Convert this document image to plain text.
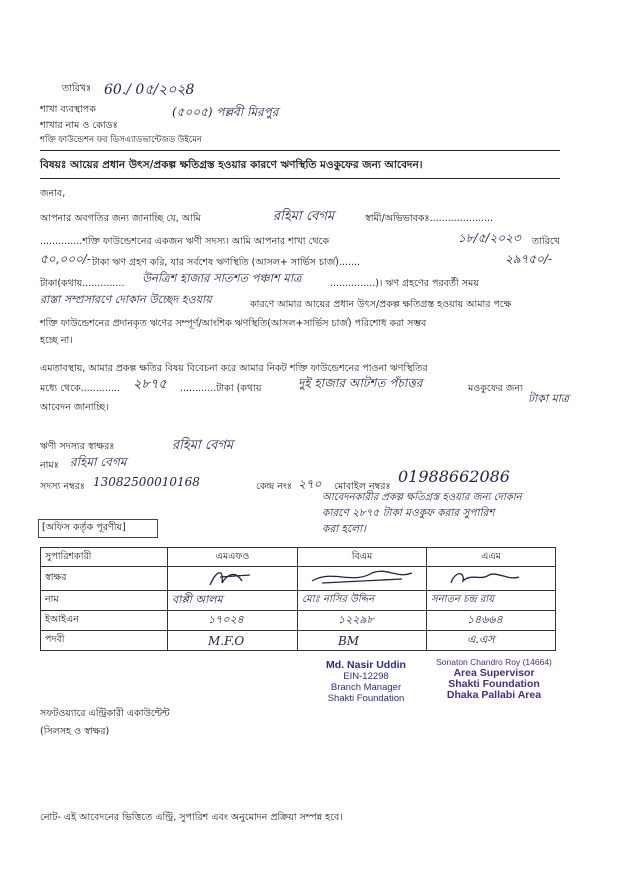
তারিখঃ 60./ 0৫/২০২8
শাখা ব্যবস্থাপক
শাখার নাম ও কোডঃ
(৫০০৫) পল্লবী মিরপুর
শক্তি ফাউন্ডেশন ফর ডিসএ্যাডভান্টেজড উইমেন
বিষয়ঃ আয়ের প্রধান উৎস/প্রকল্প ক্ষতিগ্রস্ত হওয়ার কারণে ঋণস্থিতি মওকুফের জন্য আবেদন।
জনাব,
আপনার অবগতির জন্য জানাচ্ছি যে, আমি	রহিমা বেগম	স্বামী/অভিভাবকঃ.....................
..............শক্তি ফাউন্ডেশনের একজন ঋণী সদস্য। আমি আপনার শাখা থেকে	১৮/৫/২০২৩ তারিখে
৫০,০০০/- টাকা ঋণ গ্রহণ করি, যার সর্বশেষ ঋণস্থিতি (আসল+ সার্ভিস চার্জ).......	২৯৭৫০/-
টাকা(কথায়.............. উনত্রিশ হাজার সাতশত পঞ্চাশ মাত্র	...............)। ঋণ গ্রহণের পরবর্তী সময়
রাস্তা সম্প্রসারণে দোকান উচ্ছেদ হওয়ায়	কারণে আমার আয়ের প্রধান উৎস/প্রকল্প ক্ষতিগ্রস্ত হওয়ায় আমার পক্ষে
শক্তি ফাউন্ডেশনের প্রদানকৃত ঋণের সম্পূর্ণ/আংশিক ঋণস্থিতি(আসল+সার্ভিস চার্জ) পরিশোধ করা সম্ভব
হচ্ছে না।
এমতাবস্থায়, আমার প্রকল্প ক্ষতির বিষয় বিবেচনা করে আমার নিকট শক্তি ফাউন্ডেশনের পাওনা ঋণস্থিতির
মধ্যে থেকে............. ২৮৭৫ ............টাকা (কথায়	দুই হাজার আটশত পঁচাত্তর	মওকুফের জন্য
টাকা মাত্র
আবেদন জানাচ্ছি।
ঋণী সদস্যর স্বাক্ষরঃ	রহিমা বেগম
নামঃ রহিমা বেগম
সদস্য নম্বরঃ 13082500010168	কেন্দ্র নংঃ ২৭০ মোবাইল নম্বরঃ
01988662086
আবেদনকারীর প্রকল্প ক্ষতিগ্রস্ত হওয়ার জন্য দোকান
কারণে ২৮৭৫ টাকা মওকুফ করার সুপারিশ
করা হলো।
[অফিস কর্তৃক পূরণীয়]
সুপারিশকারী	এমএফও	বিএম	এএম
স্বাক্ষর			
নাম	বাপ্পী আলম	মোঃ নাসির উদ্দিন	সনাতন চন্দ্র রায়
ইআইএন	১৭০২৪	১২২৯৮	১৪৬৬৪
পদবী	M.F.O	BM	এ.এস
Md. Nasir Uddin
EIN-12298
Branch Manager
Shakti Foundation
Sonaton Chandro Roy (14664)
Area Supervisor
Shakti Foundation
Dhaka Pallabi Area
সফটওয়্যারে এন্ট্রিকারী একাউন্টেন্ট
(সিলসহ ও স্বাক্ষর)
নোট- এই আবেদনের ভিত্তিতে এন্ট্রি, সুপারিশ এবং অনুমোদন প্রক্রিয়া সম্পন্ন হবে।
